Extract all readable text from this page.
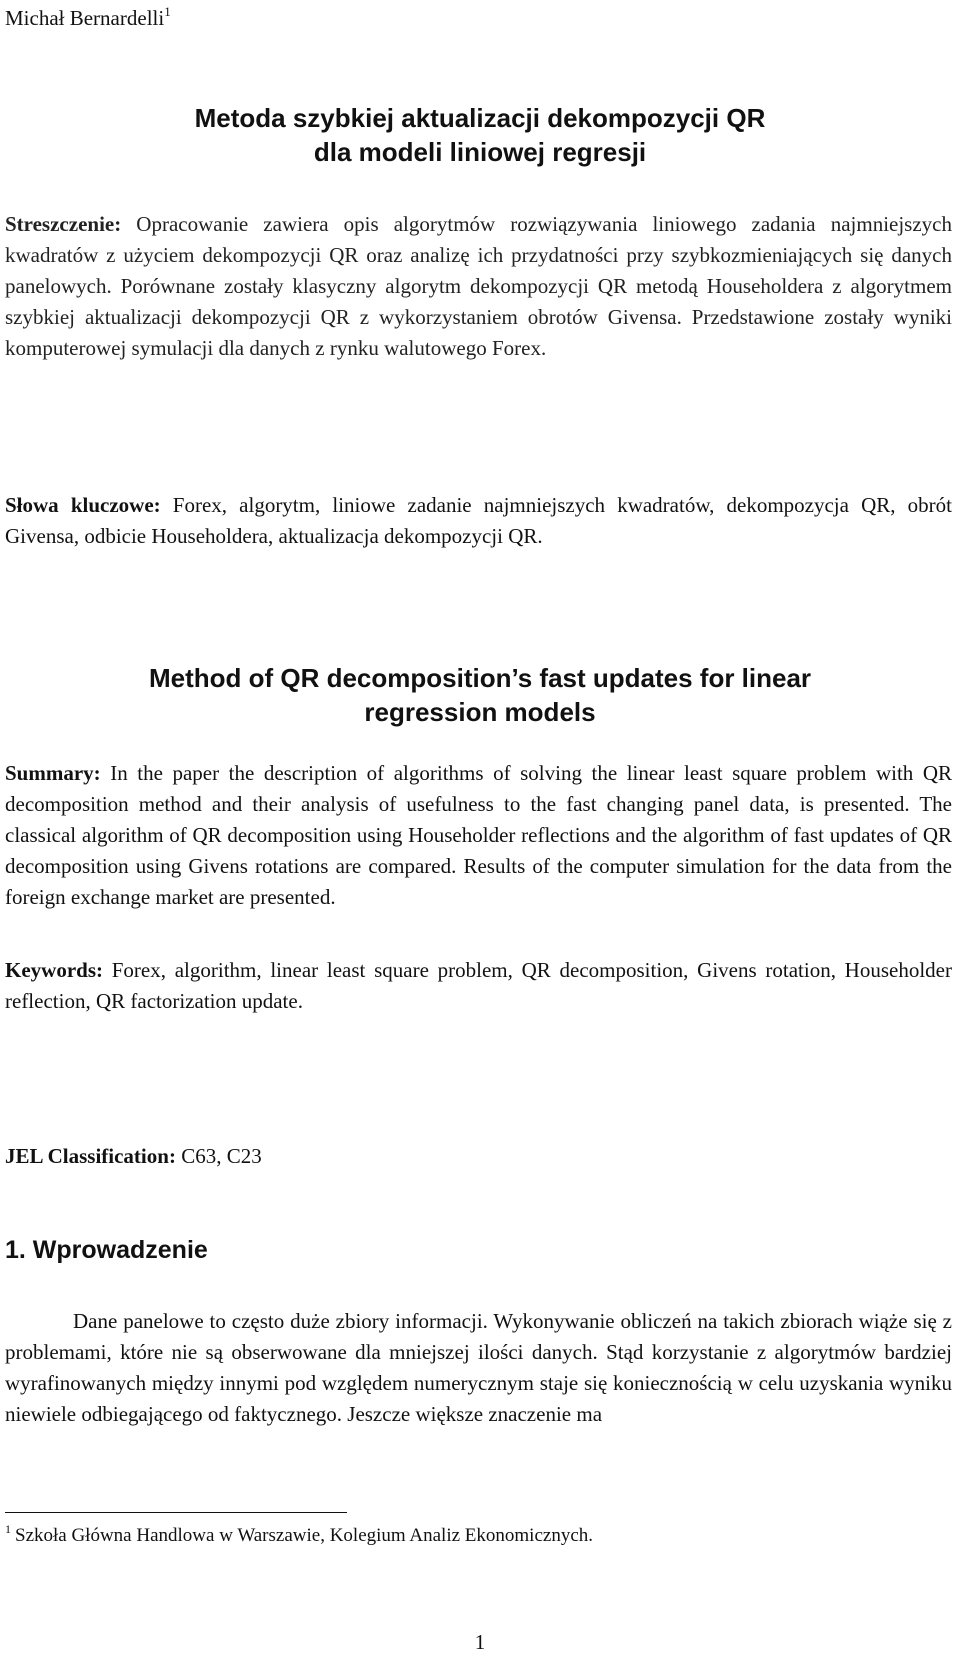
Michał Bernardelli$^1$
Metoda szybkiej aktualizacji dekompozycji QR
dla modeli liniowej regresji
Streszczenie: Opracowanie zawiera opis algorytmów rozwiązywania liniowego zadania najmniejszych kwadratów z użyciem dekompozycji QR oraz analizę ich przydatności przy szybkozmieniających się danych panelowych. Porównane zostały klasyczny algorytm dekompozycji QR metodą Householdera z algorytmem szybkiej aktualizacji dekompozycji QR z wykorzystaniem obrotów Givensa. Przedstawione zostały wyniki komputerowej symulacji dla danych z rynku walutowego Forex.
Słowa kluczowe: Forex, algorytm, liniowe zadanie najmniejszych kwadratów, dekompozycja QR, obrót Givensa, odbicie Householdera, aktualizacja dekompozycji QR.
Method of QR decomposition’s fast updates for linear
regression models
Summary: In the paper the description of algorithms of solving the linear least square problem with QR decomposition method and their analysis of usefulness to the fast changing panel data, is presented. The classical algorithm of QR decomposition using Householder reflections and the algorithm of fast updates of QR decomposition using Givens rotations are compared. Results of the computer simulation for the data from the foreign exchange market are presented.
Keywords: Forex, algorithm, linear least square problem, QR decomposition, Givens rotation, Householder reflection, QR factorization update.
JEL Classification: C63, C23
1. Wprowadzenie
Dane panelowe to często duże zbiory informacji. Wykonywanie obliczeń na takich zbiorach wiąże się z problemami, które nie są obserwowane dla mniejszej ilości danych. Stąd korzystanie z algorytmów bardziej wyrafinowanych między innymi pod względem numerycznym staje się koniecznością w celu uzyskania wyniku niewiele odbiegającego od faktycznego. Jeszcze większe znaczenie ma
$^1$ Szkoła Główna Handlowa w Warszawie, Kolegium Analiz Ekonomicznych.
1
